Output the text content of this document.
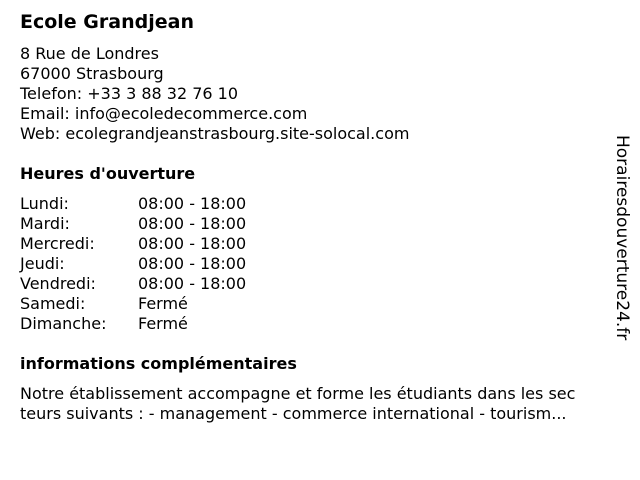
Ecole Grandjean
8 Rue de Londres
67000 Strasbourg
Telefon: +33 3 88 32 76 10
Email: info@ecoledecommerce.com
Web: ecolegrandjeanstrasbourg.site-solocal.com
Heures d'ouverture
Lundi:	08:00 - 18:00
Mardi:	08:00 - 18:00
Mercredi:	08:00 - 18:00
Jeudi:	08:00 - 18:00
Vendredi:	08:00 - 18:00
Samedi:	Fermé
Dimanche: Fermé
informations complémentaires
Notre établissement accompagne et forme les étudiants dans les sec
teurs suivants : - management - commerce international - tourism...
Horairesdouverture24.fr
